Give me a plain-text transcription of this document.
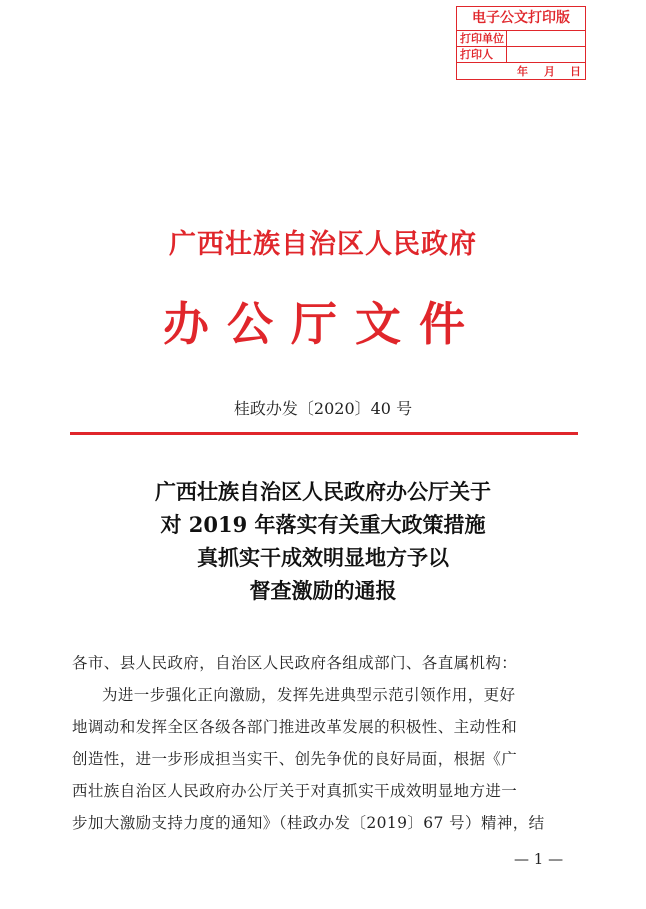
电子公文打印版
打印单位
打印人
年 月 日
广西壮族自治区人民政府
办公厅文件
桂政办发〔2020〕40 号
广西壮族自治区人民政府办公厅关于
对 2019 年落实有关重大政策措施
真抓实干成效明显地方予以
督查激励的通报
各市、县人民政府，自治区人民政府各组成部门、各直属机构：
为进一步强化正向激励，发挥先进典型示范引领作用，更好
地调动和发挥全区各级各部门推进改革发展的积极性、主动性和
创造性，进一步形成担当实干、创先争优的良好局面，根据《广
西壮族自治区人民政府办公厅关于对真抓实干成效明显地方进一
步加大激励支持力度的通知》（桂政办发〔2019〕67 号）精神，结
— 1 —
